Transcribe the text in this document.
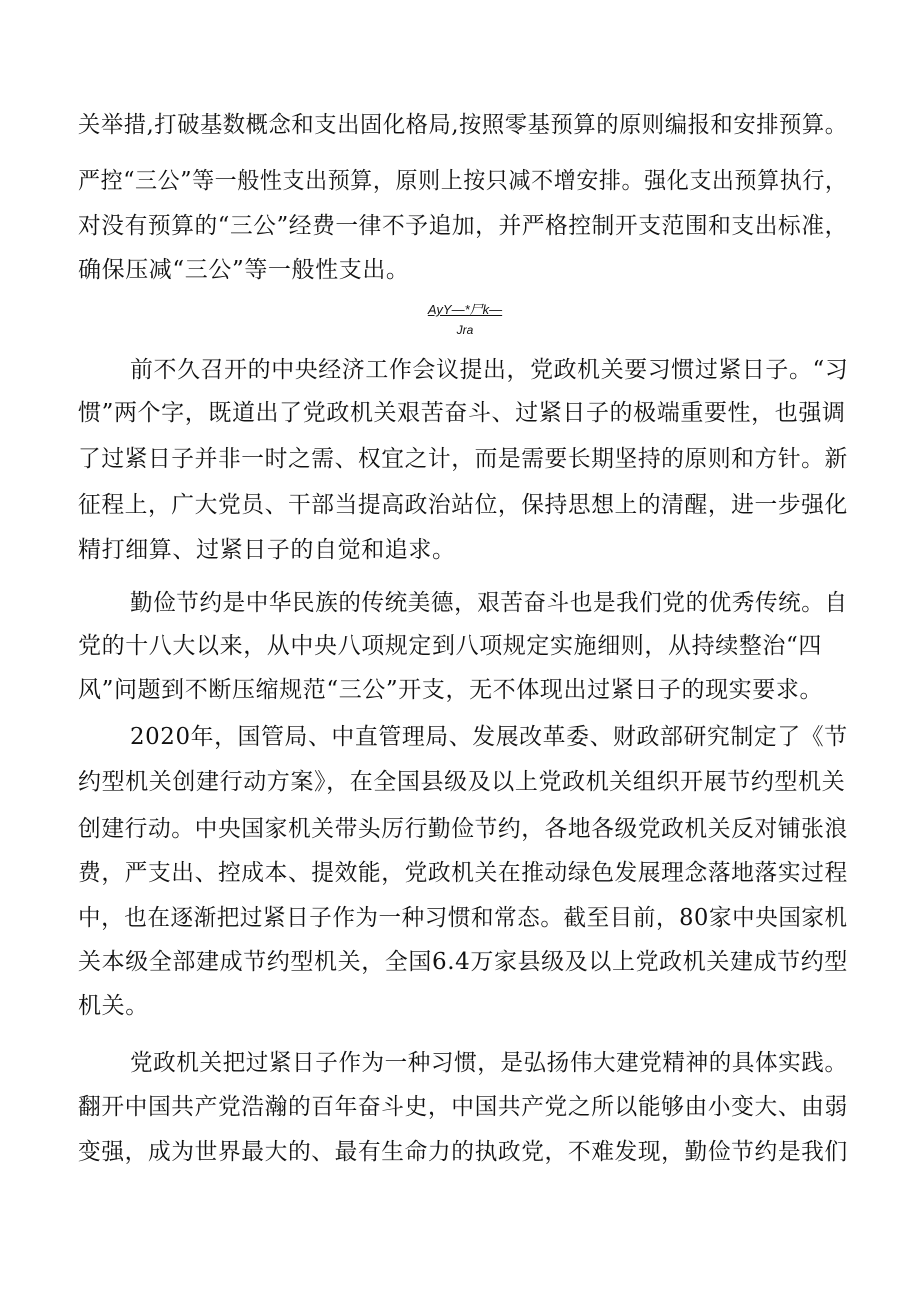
关举措,打破基数概念和支出固化格局,按照零基预算的原则编报和安排预算。
严控“三公”等一般性支出预算，原则上按只减不增安排。强化支出预算执行，
对没有预算的“三公”经费一律不予追加，并严格控制开支范围和支出标准，
确保压减“三公”等一般性支出。
AyY—*尸k—
Jra
前不久召开的中央经济工作会议提出，党政机关要习惯过紧日子。“习
惯”两个字，既道出了党政机关艰苦奋斗、过紧日子的极端重要性，也强调
了过紧日子并非一时之需、权宜之计，而是需要长期坚持的原则和方针。新
征程上，广大党员、干部当提高政治站位，保持思想上的清醒，进一步强化
精打细算、过紧日子的自觉和追求。
勤俭节约是中华民族的传统美德，艰苦奋斗也是我们党的优秀传统。自
党的十八大以来，从中央八项规定到八项规定实施细则，从持续整治“四
风”问题到不断压缩规范“三公”开支，无不体现出过紧日子的现实要求。
2020年，国管局、中直管理局、发展改革委、财政部研究制定了《节
约型机关创建行动方案》，在全国县级及以上党政机关组织开展节约型机关
创建行动。中央国家机关带头厉行勤俭节约，各地各级党政机关反对铺张浪
费，严支出、控成本、提效能，党政机关在推动绿色发展理念落地落实过程
中，也在逐渐把过紧日子作为一种习惯和常态。截至目前，80家中央国家机
关本级全部建成节约型机关，全国6.4万家县级及以上党政机关建成节约型
机关。
党政机关把过紧日子作为一种习惯，是弘扬伟大建党精神的具体实践。
翻开中国共产党浩瀚的百年奋斗史，中国共产党之所以能够由小变大、由弱
变强，成为世界最大的、最有生命力的执政党，不难发现，勤俭节约是我们
